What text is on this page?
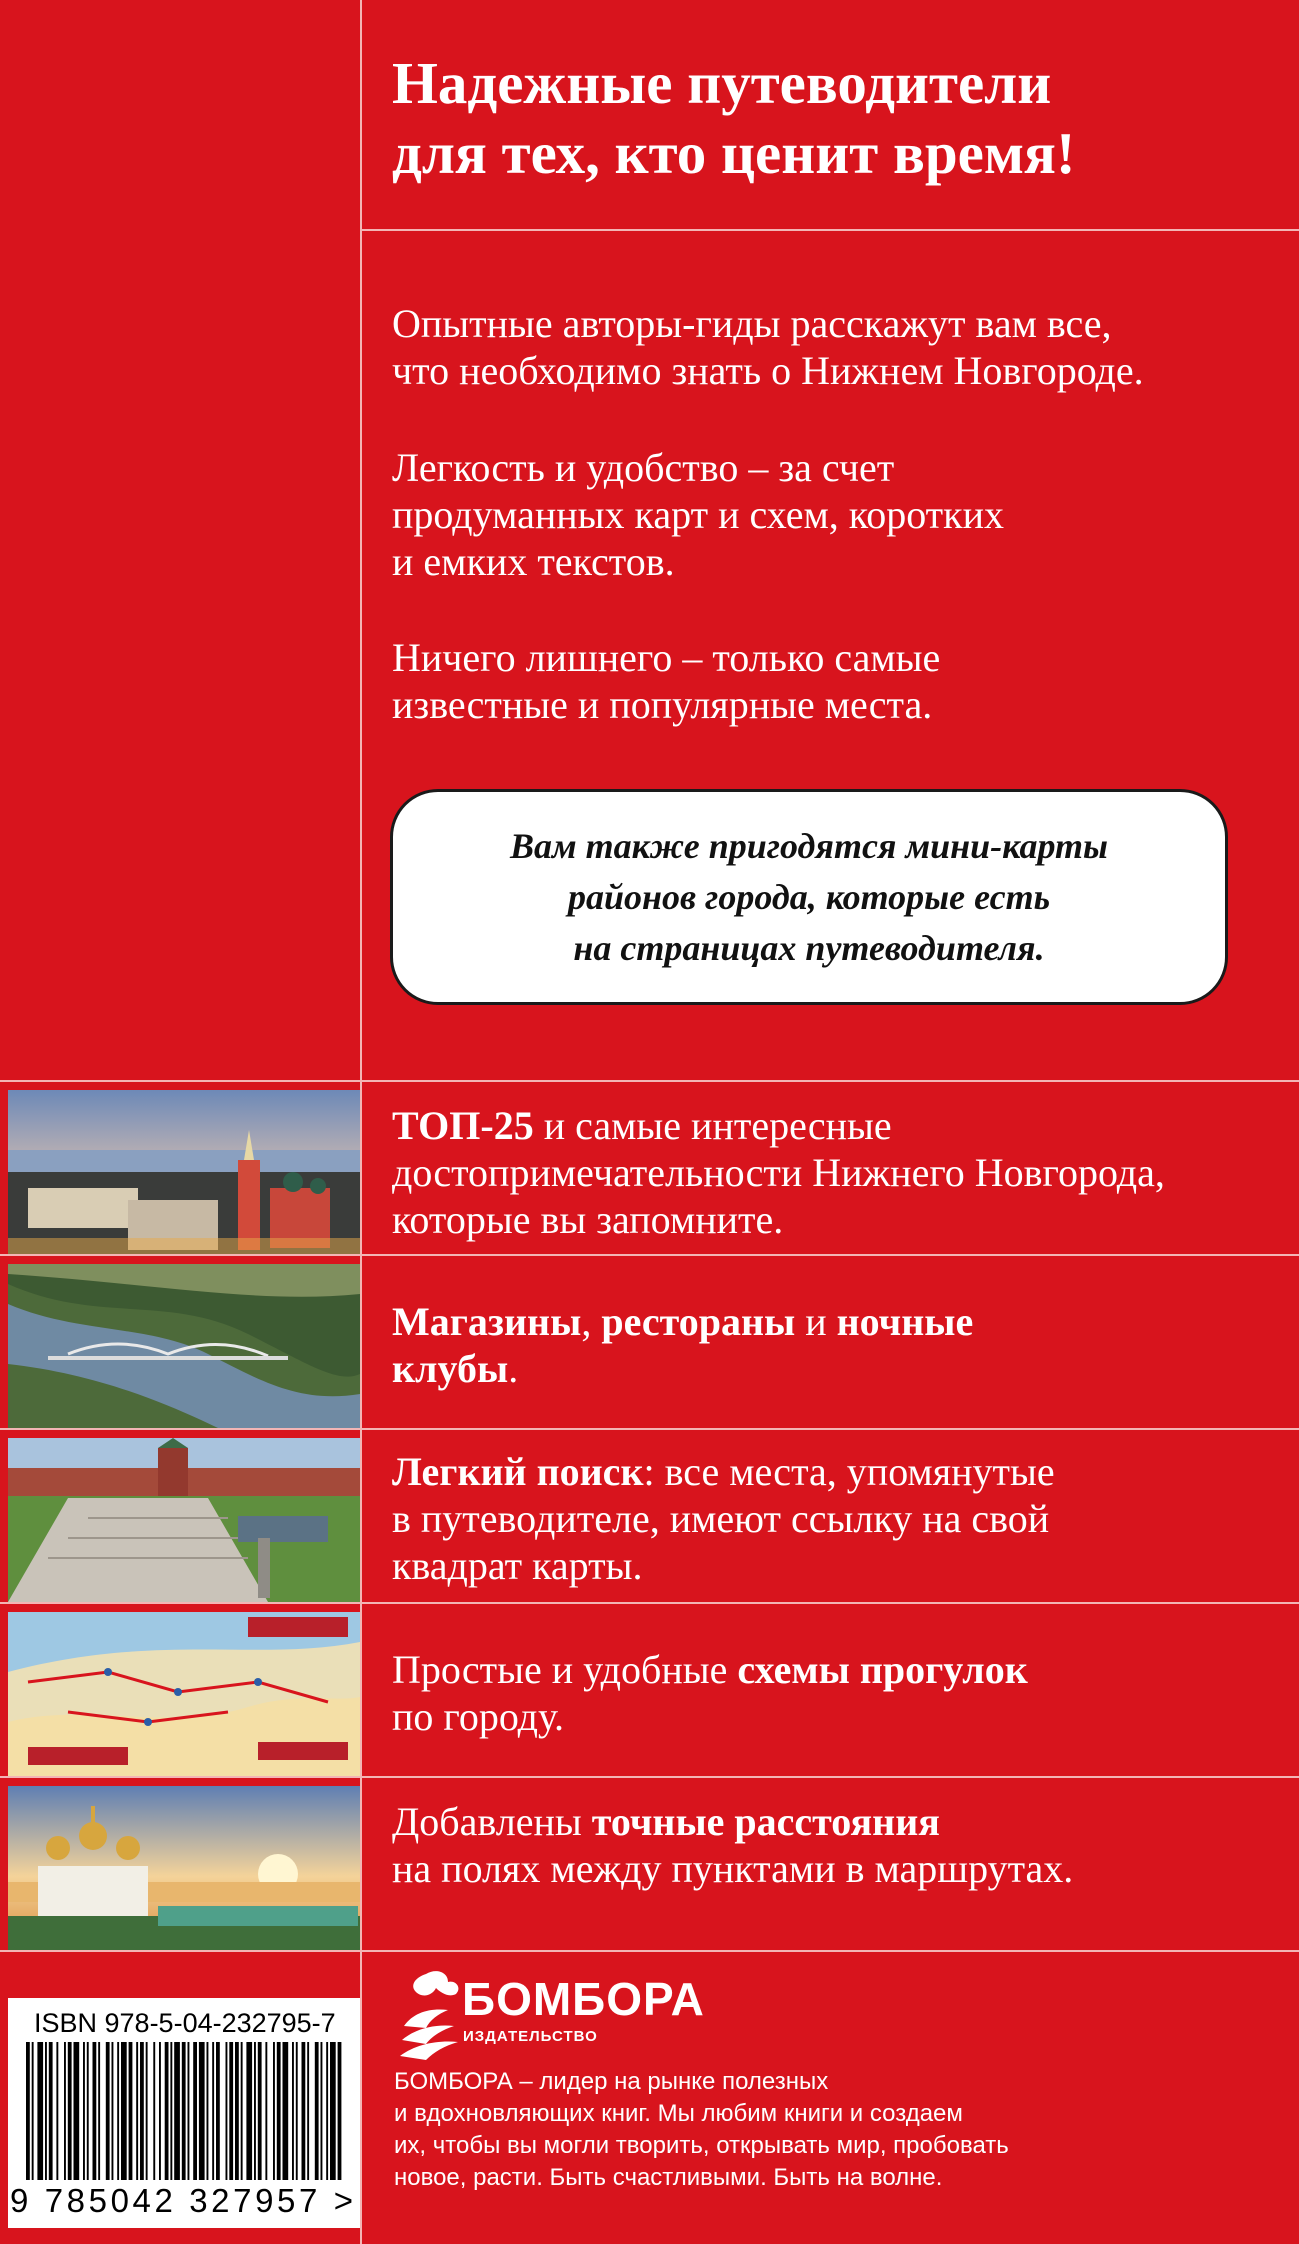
Надежные путеводители
для тех, кто ценит время!

Опытные авторы-гиды расскажут вам все,
что необходимо знать о Нижнем Новгороде.

Легкость и удобство – за счет
продуманных карт и схем, коротких
и емких текстов.

Ничего лишнего – только самые
известные и популярные места.

Вам также пригодятся мини-карты
районов города, которые есть
на страницах путеводителя.

ТОП-25 и самые интересные
достопримечательности Нижнего Новгорода,
которые вы запомните.
Магазины, рестораны и ночные
клубы.
Легкий поиск: все места, упомянутые
в путеводителе, имеют ссылку на свой
квадрат карты.
Простые и удобные схемы прогулок
по городу.
Добавлены точные расстояния
на полях между пунктами в маршрутах.
ISBN 978-5-04-232795-7
9 785042 327957 >
БОМБОРА
ИЗДАТЕЛЬСТВО
БОМБОРА – лидер на рынке полезных
и вдохновляющих книг. Мы любим книги и создаем
их, чтобы вы могли творить, открывать мир, пробовать
новое, расти. Быть счастливыми. Быть на волне.
